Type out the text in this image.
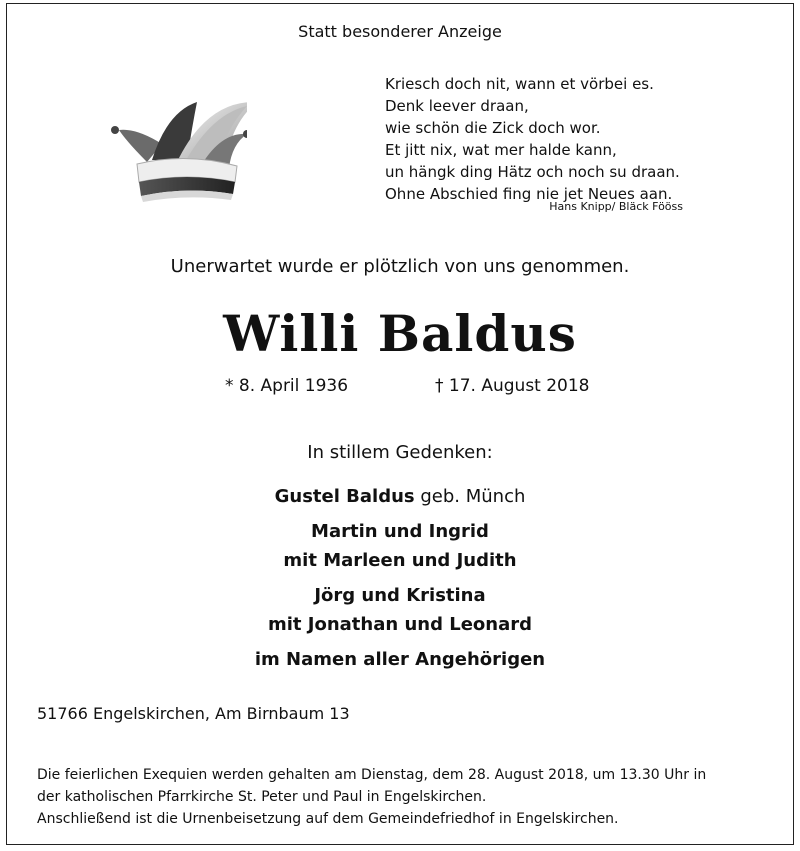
Statt besonderer Anzeige
Kriesch doch nit, wann et vörbei es.
Denk leever draan,
wie schön die Zick doch wor.
Et jitt nix, wat mer halde kann,
un hängk ding Hätz och noch su draan.
Ohne Abschied fing nie jet Neues aan.
Hans Knipp/ Bläck Fööss
Unerwartet wurde er plötzlich von uns genommen.
Willi Baldus
* 8. April 1936	† 17. August 2018
In stillem Gedenken:
Gustel Baldus geb. Münch
Martin und Ingrid
mit Marleen und Judith
Jörg und Kristina
mit Jonathan und Leonard
im Namen aller Angehörigen
51766 Engelskirchen, Am Birnbaum 13
Die feierlichen Exequien werden gehalten am Dienstag, dem 28. August 2018, um 13.30 Uhr in
der katholischen Pfarrkirche St. Peter und Paul in Engelskirchen.
Anschließend ist die Urnenbeisetzung auf dem Gemeindefriedhof in Engelskirchen.
